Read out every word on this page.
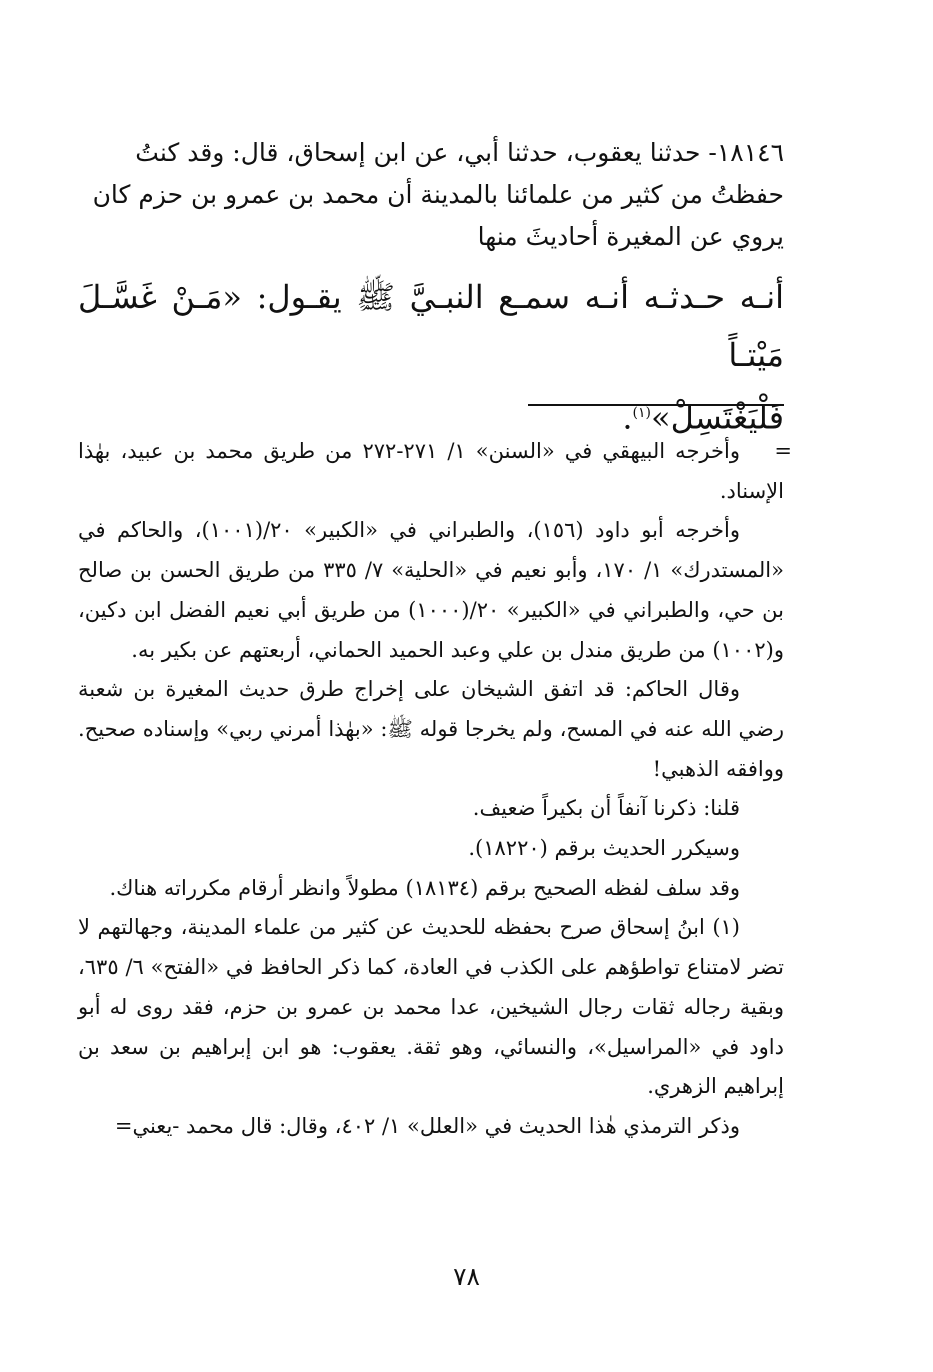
١٨١٤٦- حدثنا يعقوب، حدثنا أبي، عن ابن إسحاق، قال: وقد كنتُ

حفظتُ من كثير من علمائنا بالمدينة أن محمد بن عمرو بن حزم كان

يروي عن المغيرة أحاديثَ منها

أنـه حـدثـه أنـه سمـع النبـيَّ ﷺ يقـول: «مَـنْ غَسَّـلَ مَيْتـاً
فَلْيَغْتَسِلْ»$^{(١)}$.
=

وأخرجه البيهقي في «السنن» ١/ ٢٧١-٢٧٢ من طريق محمد بن عبيد، بهٰذا الإسناد.

وأخرجه أبو داود (١٥٦)، والطبراني في «الكبير» ٢٠/(١٠٠١)، والحاكم في «المستدرك» ١/ ١٧٠، وأبو نعيم في «الحلية» ٧/ ٣٣٥ من طريق الحسن بن صالح بن حي، والطبراني في «الكبير» ٢٠/(١٠٠٠) من طريق أبي نعيم الفضل ابن دكين، و(١٠٠٢) من طريق مندل بن علي وعبد الحميد الحماني، أربعتهم عن بكير به.

وقال الحاكم: قد اتفق الشيخان على إخراج طرق حديث المغيرة بن شعبة رضي الله عنه في المسح، ولم يخرجا قوله ﷺ: «بهٰذا أمرني ربي» وإسناده صحيح. ووافقه الذهبي!

قلنا: ذكرنا آنفاً أن بكيراً ضعيف.

وسيكرر الحديث برقم (١٨٢٢٠).

وقد سلف لفظه الصحيح برقم (١٨١٣٤) مطولاً وانظر أرقام مكرراته هناك.

(١) ابنُ إسحاق صرح بحفظه للحديث عن كثير من علماء المدينة، وجهالتهم لا تضر لامتناع تواطؤهم على الكذب في العادة، كما ذكر الحافظ في «الفتح» ٦/ ٦٣٥، وبقية رجاله ثقات رجال الشيخين، عدا محمد بن عمرو بن حزم، فقد روى له أبو داود في «المراسيل»، والنسائي، وهو ثقة. يعقوب: هو ابن إبراهيم بن سعد بن إبراهيم الزهري.

وذكر الترمذي هٰذا الحديث في «العلل» ١/ ٤٠٢، وقال: قال محمد -يعني=

٧٨
